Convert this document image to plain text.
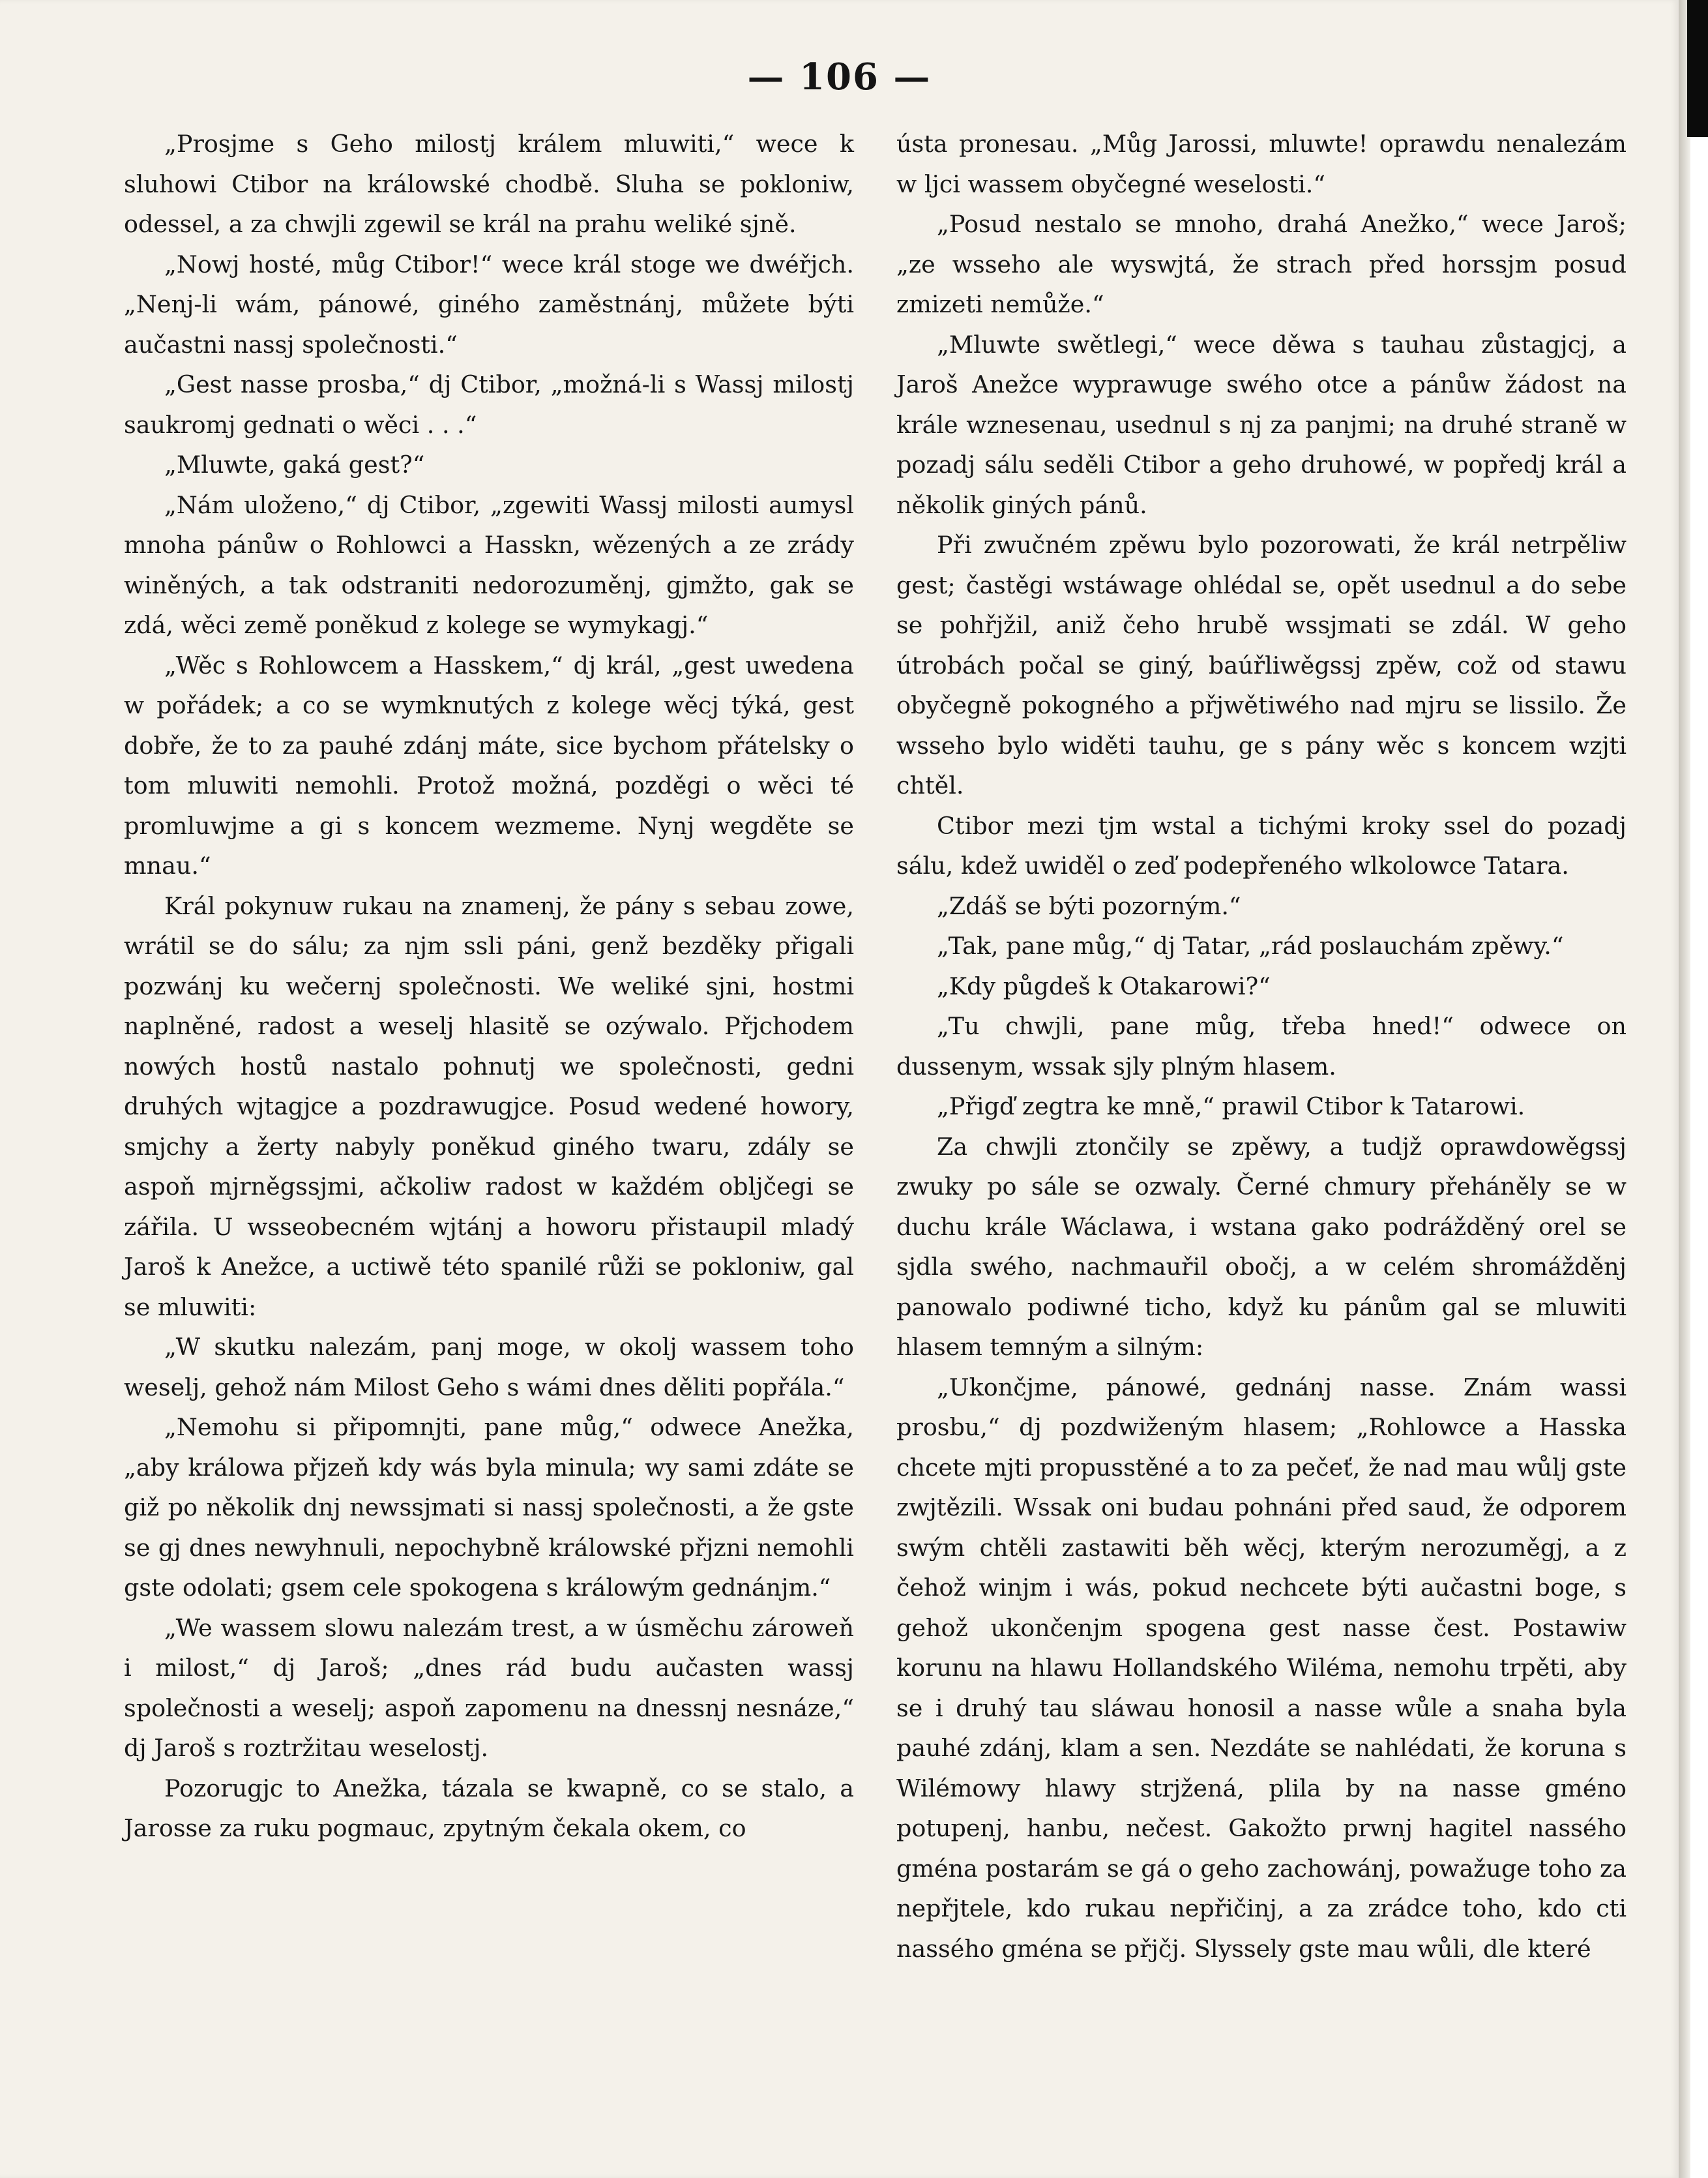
— 106 —

„Prosjme s Geho milostj králem mluwiti,“ wece k sluhowi Ctibor na králowské chodbě. Sluha se pokloniw, odessel, a za chwjli zgewil se král na prahu weliké sjně.

„Nowj hosté, můg Ctibor!“ wece král stoge we dwéřjch. „Nenj-li wám, pánowé, giného zaměstnánj, můžete býti aučastni nassj společnosti.“

„Gest nasse prosba,“ dj Ctibor, „možná-li s Wassj milostj saukromj gednati o wěci . . .“

„Mluwte, gaká gest?“

„Nám uloženo,“ dj Ctibor, „zgewiti Wassj milosti aumysl mnoha pánůw o Rohlowci a Hasskn, wězených a ze zrády winěných, a tak odstraniti nedorozuměnj, gjmžto, gak se zdá, wěci země poněkud z kolege se wymykagj.“

„Wěc s Rohlowcem a Hasskem,“ dj král, „gest uwedena w pořádek; a co se wymknutých z kolege wěcj týká, gest dobře, že to za pauhé zdánj máte, sice bychom přátelsky o tom mluwiti nemohli. Protož možná, pozděgi o wěci té promluwjme a gi s koncem wezmeme. Nynj wegděte se mnau.“

Král pokynuw rukau na znamenj, že pány s sebau zowe, wrátil se do sálu; za njm ssli páni, genž bezděky přigali pozwánj ku wečernj společnosti. We weliké sjni, hostmi naplněné, radost a weselj hlasitě se ozýwalo. Přjchodem nowých hostů nastalo pohnutj we společnosti, gedni druhých wjtagjce a pozdrawugjce. Posud wedené howory, smjchy a žerty nabyly poněkud giného twaru, zdály se aspoň mjrněgssjmi, ačkoliw radost w každém oblјčegi se zářila. U wsseobecném wjtánj a howoru přistaupil mladý Jaroš k Anežce, a uctiwě této spanilé růži se pokloniw, gal se mluwiti:

„W skutku nalezám, panj moge, w okolj wassem toho weselj, gehož nám Milost Geho s wámi dnes děliti popřála.“

„Nemohu si připomnjti, pane můg,“ odwece Anežka, „aby králowa přjzeň kdy wás byla minula; wy sami zdáte se giž po několik dnj newssjmati si nassj společnosti, a že gste se gj dnes newyhnuli, nepochybně králowské přjzni nemohli gste odolati; gsem cele spokogena s králowým gednánjm.“

„We wassem slowu nalezám trest, a w úsměchu zároweň i milost,“ dj Jaroš; „dnes rád budu aučasten wassj společnosti a weselj; aspoň zapomenu na dnessnj nesnáze,“ dj Jaroš s roztržitau weselostj.

Pozorugjc to Anežka, tázala se kwapně, co se stalo, a Jarosse za ruku pogmauc, zpytným čekala okem, co

ústa pronesau. „Můg Jarossi, mluwte! oprawdu nenalezám w ljci wassem obyčegné weselosti.“

„Posud nestalo se mnoho, drahá Anežko,“ wece Jaroš; „ze wsseho ale wyswjtá, že strach před horssjm posud zmizeti nemůže.“

„Mluwte swětlegi,“ wece děwa s tauhau zůstagjcj, a Jaroš Anežce wyprawuge swého otce a pánůw žádost na krále wznesenau, usednul s nj za panjmi; na druhé straně w pozadj sálu seděli Ctibor a geho druhowé, w popředj král a několik giných pánů.

Při zwučném zpěwu bylo pozorowati, že král netrpěliw gest; častěgi wstáwage ohlédal se, opět usednul a do sebe se pohřjžil, aniž čeho hrubě wssjmati se zdál. W geho útrobách počal se giný, baúřliwěgssj zpěw, což od stawu obyčegně pokogného a přjwětiwého nad mjru se lissilo. Že wsseho bylo widěti tauhu, ge s pány wěc s koncem wzjti chtěl.

Ctibor mezi tjm wstal a tichými kroky ssel do pozadj sálu, kdež uwiděl o zeď podepřeného wlkolowce Tatara.

„Zdáš se býti pozorným.“

„Tak, pane můg,“ dj Tatar, „rád poslauchám zpěwy.“

„Kdy půgdeš k Otakarowi?“

„Tu chwjli, pane můg, třeba hned!“ odwece on dussenym, wssak sjly plným hlasem.

„Přigď zegtra ke mně,“ prawil Ctibor k Tatarowi.

Za chwjli ztončily se zpěwy, a tudjž oprawdowěgssj zwuky po sále se ozwaly. Černé chmury přeháněly se w duchu krále Wáclawa, i wstana gako podrážděný orel se sjdla swého, nachmauřil obočj, a w celém shromážděnj panowalo podiwné ticho, když ku pánům gal se mluwiti hlasem temným a silným:

„Ukončjme, pánowé, gednánj nasse. Znám wassi prosbu,“ dj pozdwiženým hlasem; „Rohlowce a Hasska chcete mjti propusstěné a to za pečeť, že nad mau wůlj gste zwjtězili. Wssak oni budau pohnáni před saud, že odporem swým chtěli zastawiti běh wěcj, kterým nerozuměgj, a z čehož winjm i wás, pokud nechcete býti aučastni boge, s gehož ukončenjm spogena gest nasse čest. Postawiw korunu na hlawu Hollandského Wiléma, nemohu trpěti, aby se i druhý tau sláwau honosil a nasse wůle a snaha byla pauhé zdánj, klam a sen. Nezdáte se nahlédati, že koruna s Wilémowy hlawy strjžená, plila by na nasse gméno potupenj, hanbu, nečest. Gakožto prwnj hagitel nassého gména postarám se gá o geho zachowánj, powažuge toho za nepřjtele, kdo rukau nepřičinj, a za zrádce toho, kdo cti nassého gména se přjčj. Slyssely gste mau wůli, dle které
